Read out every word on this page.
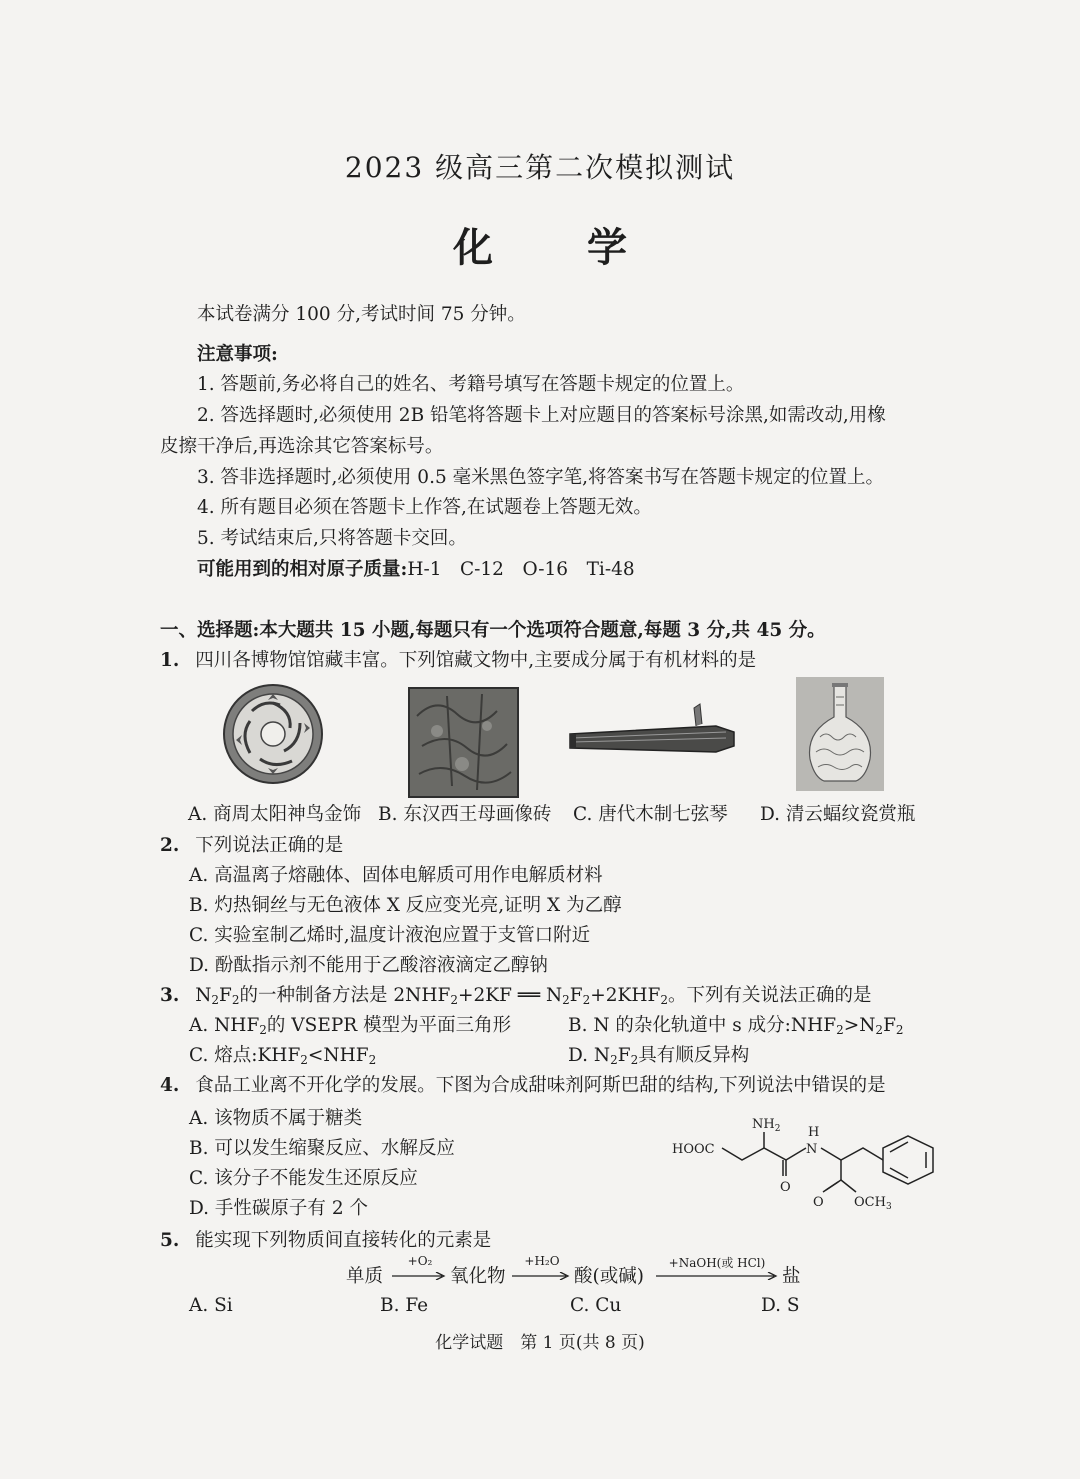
2023 级高三第二次模拟测试
化 学
本试卷满分 100 分,考试时间 75 分钟。
注意事项:
1. 答题前,务必将自己的姓名、考籍号填写在答题卡规定的位置上。
2. 答选择题时,必须使用 2B 铅笔将答题卡上对应题目的答案标号涂黑,如需改动,用橡
皮擦干净后,再选涂其它答案标号。
3. 答非选择题时,必须使用 0.5 毫米黑色签字笔,将答案书写在答题卡规定的位置上。
4. 所有题目必须在答题卡上作答,在试题卷上答题无效。
5. 考试结束后,只将答题卡交回。
可能用到的相对原子质量:H-1　C-12　O-16　Ti-48
一、选择题:本大题共 15 小题,每题只有一个选项符合题意,每题 3 分,共 45 分。
1. 四川各博物馆馆藏丰富。下列馆藏文物中,主要成分属于有机材料的是
A. 商周太阳神鸟金饰 B. 东汉西王母画像砖 C. 唐代木制七弦琴 D. 清云蝠纹瓷赏瓶
2. 下列说法正确的是
A. 高温离子熔融体、固体电解质可用作电解质材料
B. 灼热铜丝与无色液体 X 反应变光亮,证明 X 为乙醇
C. 实验室制乙烯时,温度计液泡应置于支管口附近
D. 酚酞指示剂不能用于乙酸溶液滴定乙醇钠
3. $N_2F_2$的一种制备方法是 $2NHF_2+2KF$ ══ $N_2F_2+2KHF_2$。下列有关说法正确的是
A. $NHF_2$的 VSEPR 模型为平面三角形	B. N 的杂化轨道中 s 成分$:NHF_2>N_2F_2$
C. 熔点$:KHF_2<NHF_2$	D. $N_2F_2$具有顺反异构
4. 食品工业离不开化学的发展。下图为合成甜味剂阿斯巴甜的结构,下列说法中错误的是
A. 该物质不属于糖类
B. 可以发生缩聚反应、水解反应
C. 该分子不能发生还原反应
D. 手性碳原子有 2 个
$NH_2$ H
N
HOOC
O
O $OCH_3$
5. 能实现下列物质间直接转化的元素是
单质
+O₂
氧化物
+H₂O
酸(或碱)
+NaOH(或 HCl)
盐
A. Si	B. Fe	C. Cu	D. S
化学试题　第 1 页(共 8 页)
